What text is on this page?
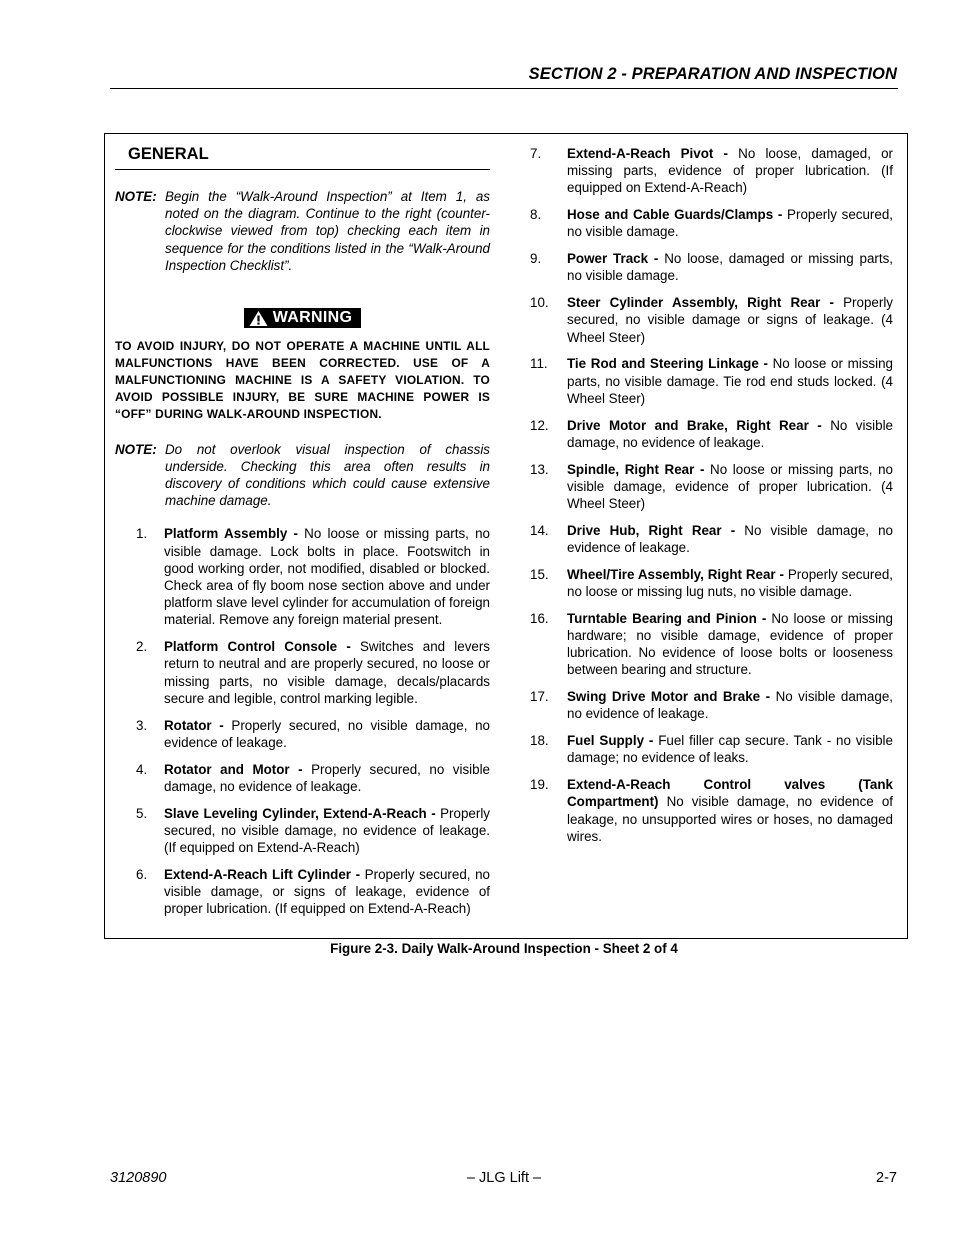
SECTION 2 - PREPARATION AND INSPECTION
GENERAL
NOTE: Begin the “Walk-Around Inspection” at Item 1, as noted on the diagram. Continue to the right (counter-clockwise viewed from top) checking each item in sequence for the conditions listed in the “Walk-Around Inspection Checklist”.
WARNING
TO AVOID INJURY, DO NOT OPERATE A MACHINE UNTIL ALL MALFUNCTIONS HAVE BEEN CORRECTED. USE OF A MALFUNCTIONING MACHINE IS A SAFETY VIOLATION. TO AVOID POSSIBLE INJURY, BE SURE MACHINE POWER IS “OFF” DURING WALK-AROUND INSPECTION.
NOTE: Do not overlook visual inspection of chassis underside. Checking this area often results in discovery of conditions which could cause extensive machine damage.
1.	Platform Assembly - No loose or missing parts, no visible damage. Lock bolts in place. Footswitch in good working order, not modified, disabled or blocked. Check area of fly boom nose section above and under platform slave level cylinder for accumulation of foreign material. Remove any foreign material present.
2.	Platform Control Console - Switches and levers return to neutral and are properly secured, no loose or missing parts, no visible damage, decals/placards secure and legible, control marking legible.
3.	Rotator - Properly secured, no visible damage, no evidence of leakage.
4.	Rotator and Motor - Properly secured, no visible damage, no evidence of leakage.
5.	Slave Leveling Cylinder, Extend-A-Reach - Properly secured, no visible damage, no evidence of leakage. (If equipped on Extend-A-Reach)
6.	Extend-A-Reach Lift Cylinder - Properly secured, no visible damage, or signs of leakage, evidence of proper lubrication. (If equipped on Extend-A-Reach)
7.	Extend-A-Reach Pivot - No loose, damaged, or missing parts, evidence of proper lubrication. (If equipped on Extend-A-Reach)
8.	Hose and Cable Guards/Clamps - Properly secured, no visible damage.
9.	Power Track - No loose, damaged or missing parts, no visible damage.
10.	Steer Cylinder Assembly, Right Rear - Properly secured, no visible damage or signs of leakage. (4 Wheel Steer)
11.	Tie Rod and Steering Linkage - No loose or missing parts, no visible damage. Tie rod end studs locked. (4 Wheel Steer)
12.	Drive Motor and Brake, Right Rear - No visible damage, no evidence of leakage.
13.	Spindle, Right Rear - No loose or missing parts, no visible damage, evidence of proper lubrication. (4 Wheel Steer)
14.	Drive Hub, Right Rear - No visible damage, no evidence of leakage.
15.	Wheel/Tire Assembly, Right Rear - Properly secured, no loose or missing lug nuts, no visible damage.
16.	Turntable Bearing and Pinion - No loose or missing hardware; no visible damage, evidence of proper lubrication. No evidence of loose bolts or looseness between bearing and structure.
17.	Swing Drive Motor and Brake - No visible damage, no evidence of leakage.
18.	Fuel Supply - Fuel filler cap secure. Tank - no visible damage; no evidence of leaks.
19.	Extend-A-Reach Control valves (Tank Compartment) No visible damage, no evidence of leakage, no unsupported wires or hoses, no damaged wires.
Figure 2-3. Daily Walk-Around Inspection - Sheet 2 of 4
3120890	– JLG Lift –	2-7
